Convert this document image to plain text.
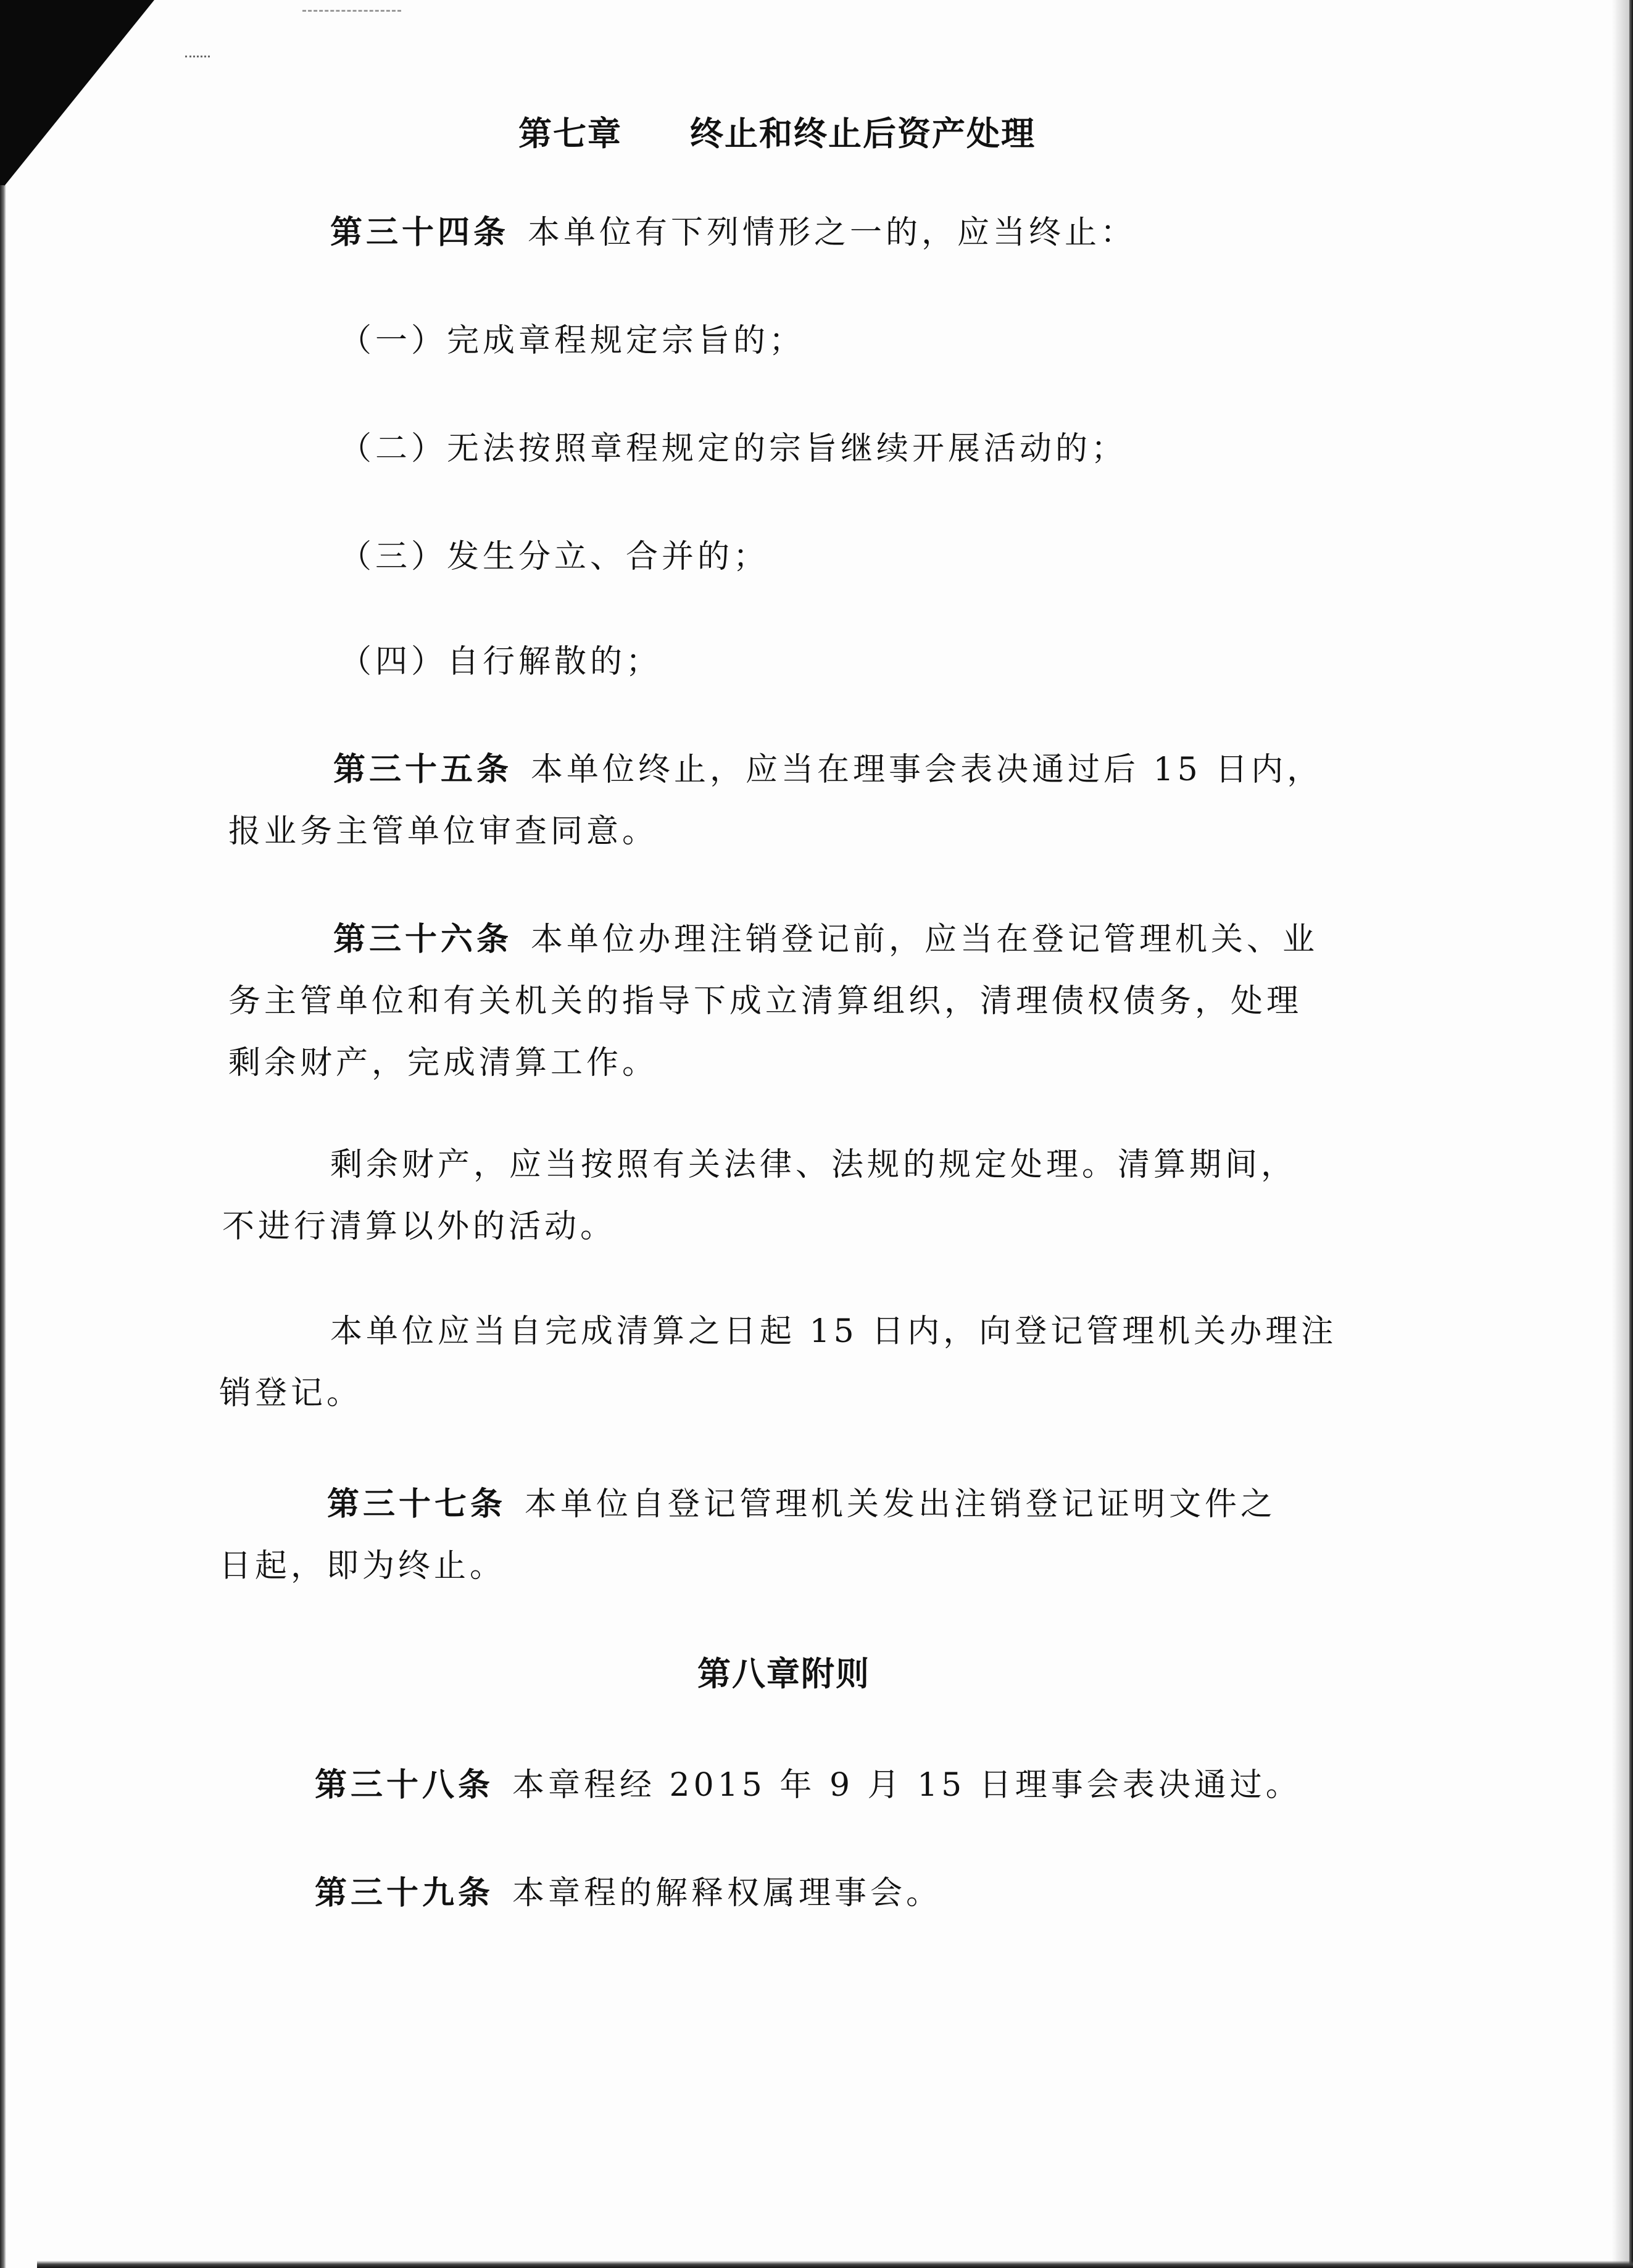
第七章 终止和终止后资产处理
第三十四条 本单位有下列情形之一的，应当终止：
（一）完成章程规定宗旨的；
（二）无法按照章程规定的宗旨继续开展活动的；
（三）发生分立、合并的；
（四）自行解散的；
第三十五条 本单位终止，应当在理事会表决通过后 15 日内，
报业务主管单位审查同意。
第三十六条 本单位办理注销登记前，应当在登记管理机关、业
务主管单位和有关机关的指导下成立清算组织，清理债权债务，处理
剩余财产，完成清算工作。
剩余财产，应当按照有关法律、法规的规定处理。清算期间，
不进行清算以外的活动。
本单位应当自完成清算之日起 15 日内，向登记管理机关办理注
销登记。
第三十七条 本单位自登记管理机关发出注销登记证明文件之
日起，即为终止。
第八章附则
第三十八条 本章程经 2015 年 9 月 15 日理事会表决通过。
第三十九条 本章程的解释权属理事会。
